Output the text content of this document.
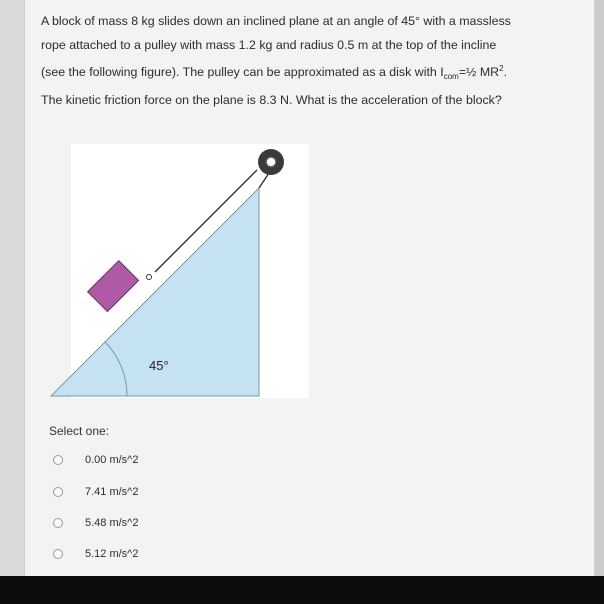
A block of mass 8 kg slides down an inclined plane at an angle of 45° with a massless
rope attached to a pulley with mass 1.2 kg and radius 0.5 m at the top of the incline
(see the following figure). The pulley can be approximated as a disk with $I_{com}=\frac{1}{2}$ $MR^2$.
The kinetic friction force on the plane is 8.3 N. What is the acceleration of the block?
45°
Select one:
0.00 m/s^2
7.41 m/s^2
5.48 m/s^2
5.12 m/s^2
